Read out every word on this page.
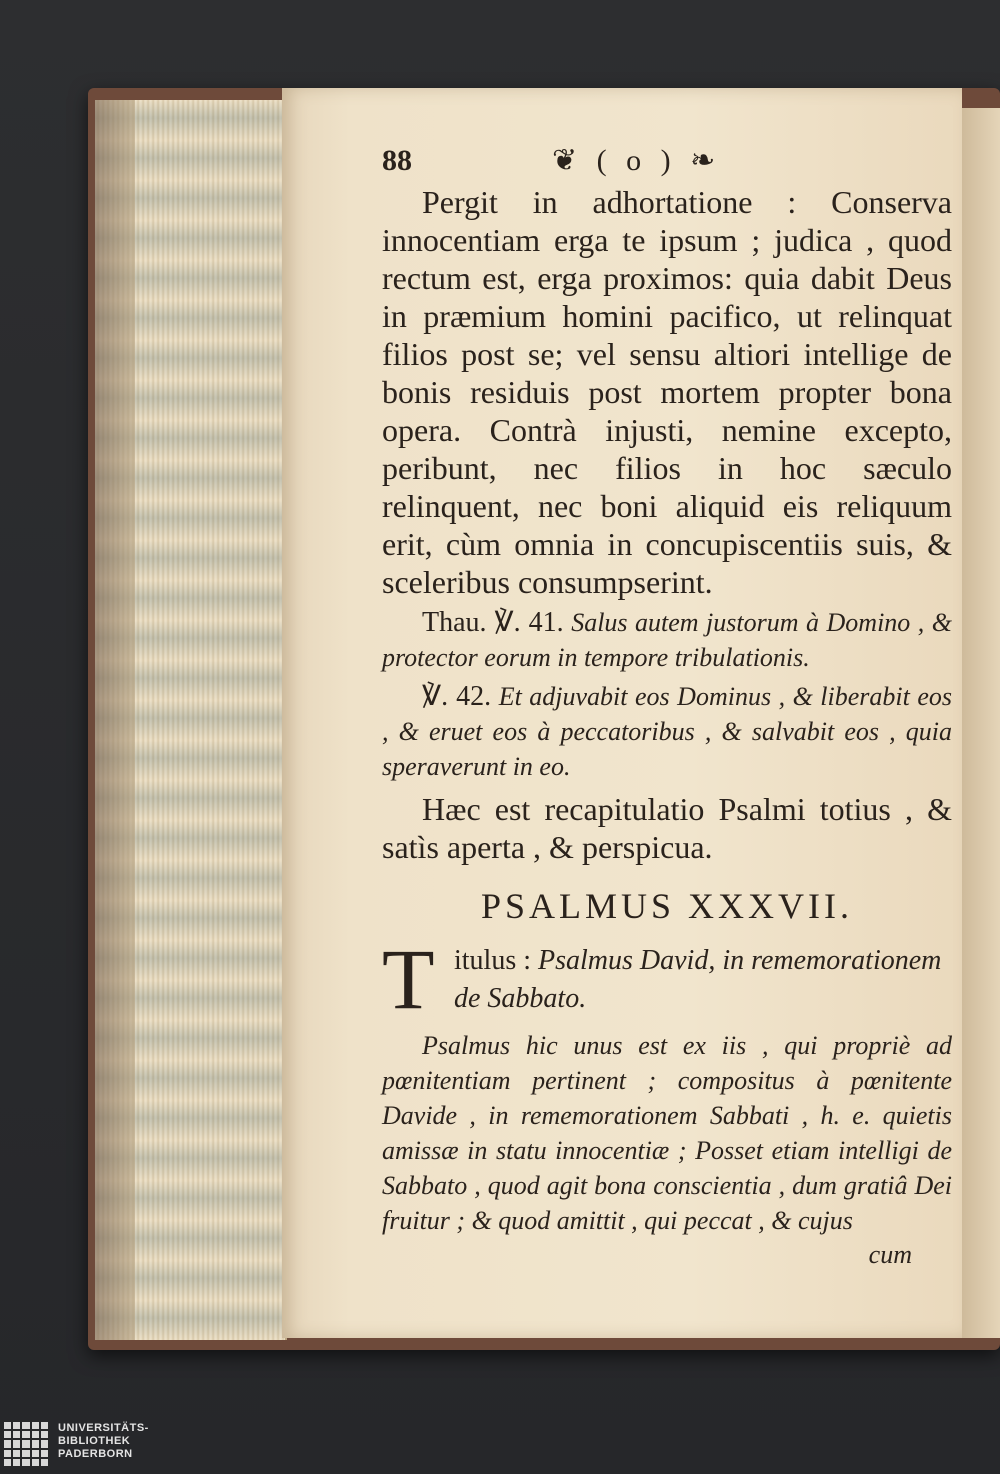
88	❦ ( o ) ❧

Pergit in adhortatione : Conserva innocentiam erga te ipsum ; judica , quod rectum est, erga proximos: quia dabit Deus in præmium homini pacifico, ut relinquat filios post se; vel sensu altiori intellige de bonis residuis post mortem propter bona opera. Contrà injusti, nemine excepto, peribunt, nec filios in hoc sæculo relinquent, nec boni aliquid eis reliquum erit, cùm omnia in concupiscentiis suis, & sceleribus consumpserint.

Thau. ℣. 41. Salus autem justorum à Domino , & protector eorum in tempore tribulationis.

℣. 42. Et adjuvabit eos Dominus , & liberabit eos , & eruet eos à peccatoribus , & salvabit eos , quia speraverunt in eo.

Hæc est recapitulatio Psalmi totius , & satìs aperta , & perspicua.

PSALMUS XXXVII.
T itulus : Psalmus David, in rememorationem de Sabbato.

Psalmus hic unus est ex iis , qui propriè ad pœnitentiam pertinent ; compositus à pœnitente Davide , in rememorationem Sabbati , h. e. quietis amissæ in statu innocentiæ ; Posset etiam intelligi de Sabbato , quod agit bona conscientia , dum gratiâ Dei fruitur ; & quod amittit , qui peccat , & cujus

cum
UNIVERSITÄTS-
BIBLIOTHEK
PADERBORN
